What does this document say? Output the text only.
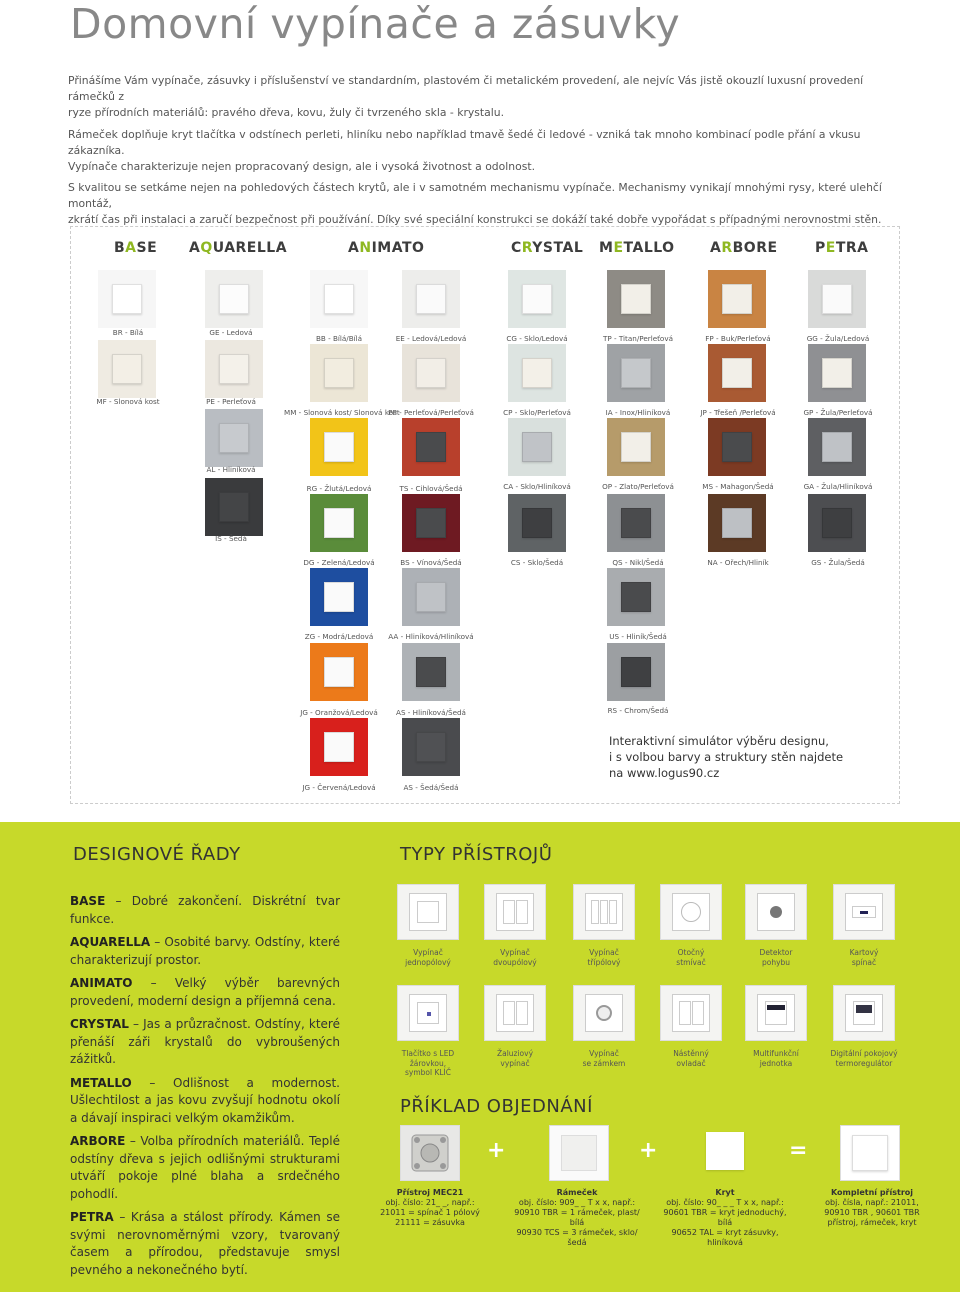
Domovní vypínače a zásuvky
Přinášíme Vám vypínače, zásuvky i příslušenství ve standardním, plastovém či metalickém provedení, ale nejvíc Vás jistě okouzlí luxusní provedení rámečků z
ryze přírodních materiálů: pravého dřeva, kovu, žuly či tvrzeného skla - krystalu.
Rámeček doplňuje kryt tlačítka v odstínech perleti, hliníku nebo například tmavě šedé či ledové - vzniká tak mnoho kombinací podle přání a vkusu zákazníka.
Vypínače charakterizuje nejen propracovaný design, ale i vysoká životnost a odolnost.
S kvalitou se setkáme nejen na pohledových částech krytů, ale i v samotném mechanismu vypínače. Mechanismy vynikají mnohými rysy, které ulehčí montáž,
zkrátí čas při instalaci a zaručí bezpečnost při používání. Díky své speciální konstrukci se dokáží také dobře vypořádat s případnými nerovnostmi stěn.
BASE AQUARELLA	ANIMATO	CRYSTAL METALLO	ARBORE	PETRA
BR - Bílá	GE - Ledová
MF - Slonová kost	PE - Perleťová
AL - Hliníková
IS - Šedá
BB - Bílá/Bílá	EE - Ledová/Ledová
MM - Slonová kost/ Slonová kost
PP - Perleťová/Perleťová
RG - Žlutá/Ledová	TS - Cihlová/Šedá
DG - Zelená/Ledová	BS - Vínová/Šedá
ZG - Modrá/Ledová	AA - Hliníková/Hliníková
JG - Oranžová/Ledová	AS - Hliníková/Šedá
JG - Červená/Ledová	AS - Šedá/Šedá
CG - Sklo/Ledová
CP - Sklo/Perleťová
CA - Sklo/Hliníková
CS - Sklo/Šedá
TP - Titan/Perleťová
IA - Inox/Hliníková
OP - Zlato/Perleťová
QS - Nikl/Šedá
US - Hliník/Šedá
RS - Chrom/Šedá
FP - Buk/Perleťová
JP - Třešeň /Perleťová
MS - Mahagon/Šedá
NA - Ořech/Hliník
GG - Žula/Ledová
GP - Žula/Perleťová
GA - Žula/Hliníková
GS - Žula/Šedá
Interaktivní simulátor výběru designu,
i s volbou barvy a struktury stěn najdete
na www.logus90.cz
DESIGNOVÉ ŘADY	TYPY PŘÍSTROJŮ
PŘÍKLAD OBJEDNÁNÍ

BASE – Dobré zakončení. Diskrétní tvar funkce.

AQUARELLA – Osobité barvy. Odstíny, které charakterizují prostor.

ANIMATO – Velký výběr barevných provedení, moderní design a příjemná cena.

CRYSTAL – Jas a průzračnost. Odstíny, které přenáší záři krystalů do vybroušených zážitků.

METALLO – Odlišnost a modernost. Ušlechtilost a jas kovu zvyšují hodnotu okolí a dávají inspiraci velkým okamžikům.

ARBORE – Volba přírodních materiálů. Teplé odstíny dřeva s jejich odlišnými strukturami utváří pokoje plné blaha a srdečného pohodlí.

PETRA – Krása a stálost přírody. Kámen se svými nerovnoměrnými vzory, tvarovaný časem a přírodou, představuje smysl pevného a nekonečného bytí.

Vypínač
jednopólový
Vypínač
dvoupólový
Vypínač
třípólový
Otočný
stmívač
Detektor
pohybu
Kartový
spínač
Tlačítko s LED
žárovkou,
symbol KLÍČ
Žaluziový
vypínač
Vypínač
se zámkem
Nástěnný
ovladač
Multifunkční
jednotka
Digitální pokojový
termoregulátor
+	+	=
Přístroj MEC21
obj. číslo: 21_ _, např.:
21011 = spínač 1 pólový
21111 = zásuvka
Rámeček
obj. číslo: 909_ _ T x x, např.:
90910 TBR = 1 rámeček, plast/ bílá
90930 TCS = 3 rámeček, sklo/šedá
Kryt
obj. číslo: 90_ _ _ T x x, např.:
90601 TBR = kryt jednoduchý, bílá
90652 TAL = kryt zásuvky, hliníková
Kompletní přístroj
obj. čísla, např.: 21011,
90910 TBR , 90601 TBR
přístroj, rámeček, kryt
